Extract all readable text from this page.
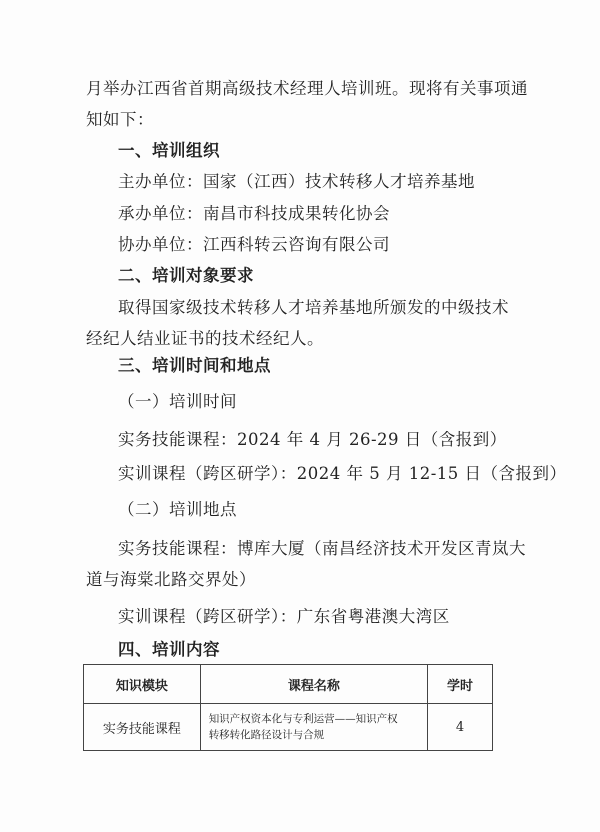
月举办江西省首期高级技术经理人培训班。现将有关事项通
知如下：
一、培训组织
主办单位：国家（江西）技术转移人才培养基地
承办单位：南昌市科技成果转化协会
协办单位：江西科转云咨询有限公司
二、培训对象要求
取得国家级技术转移人才培养基地所颁发的中级技术
经纪人结业证书的技术经纪人。
三、培训时间和地点
（一）培训时间
实务技能课程：2024 年 4 月 26-29 日（含报到）
实训课程（跨区研学）：2024 年 5 月 12-15 日（含报到）
（二）培训地点
实务技能课程：博库大厦（南昌经济技术开发区青岚大
道与海棠北路交界处）
实训课程（跨区研学）：广东省粤港澳大湾区
四、培训内容
知识模块	课程名称	学时
实务技能课程	知识产权资本化与专利运营——知识产权
转移转化路径设计与合规	4
